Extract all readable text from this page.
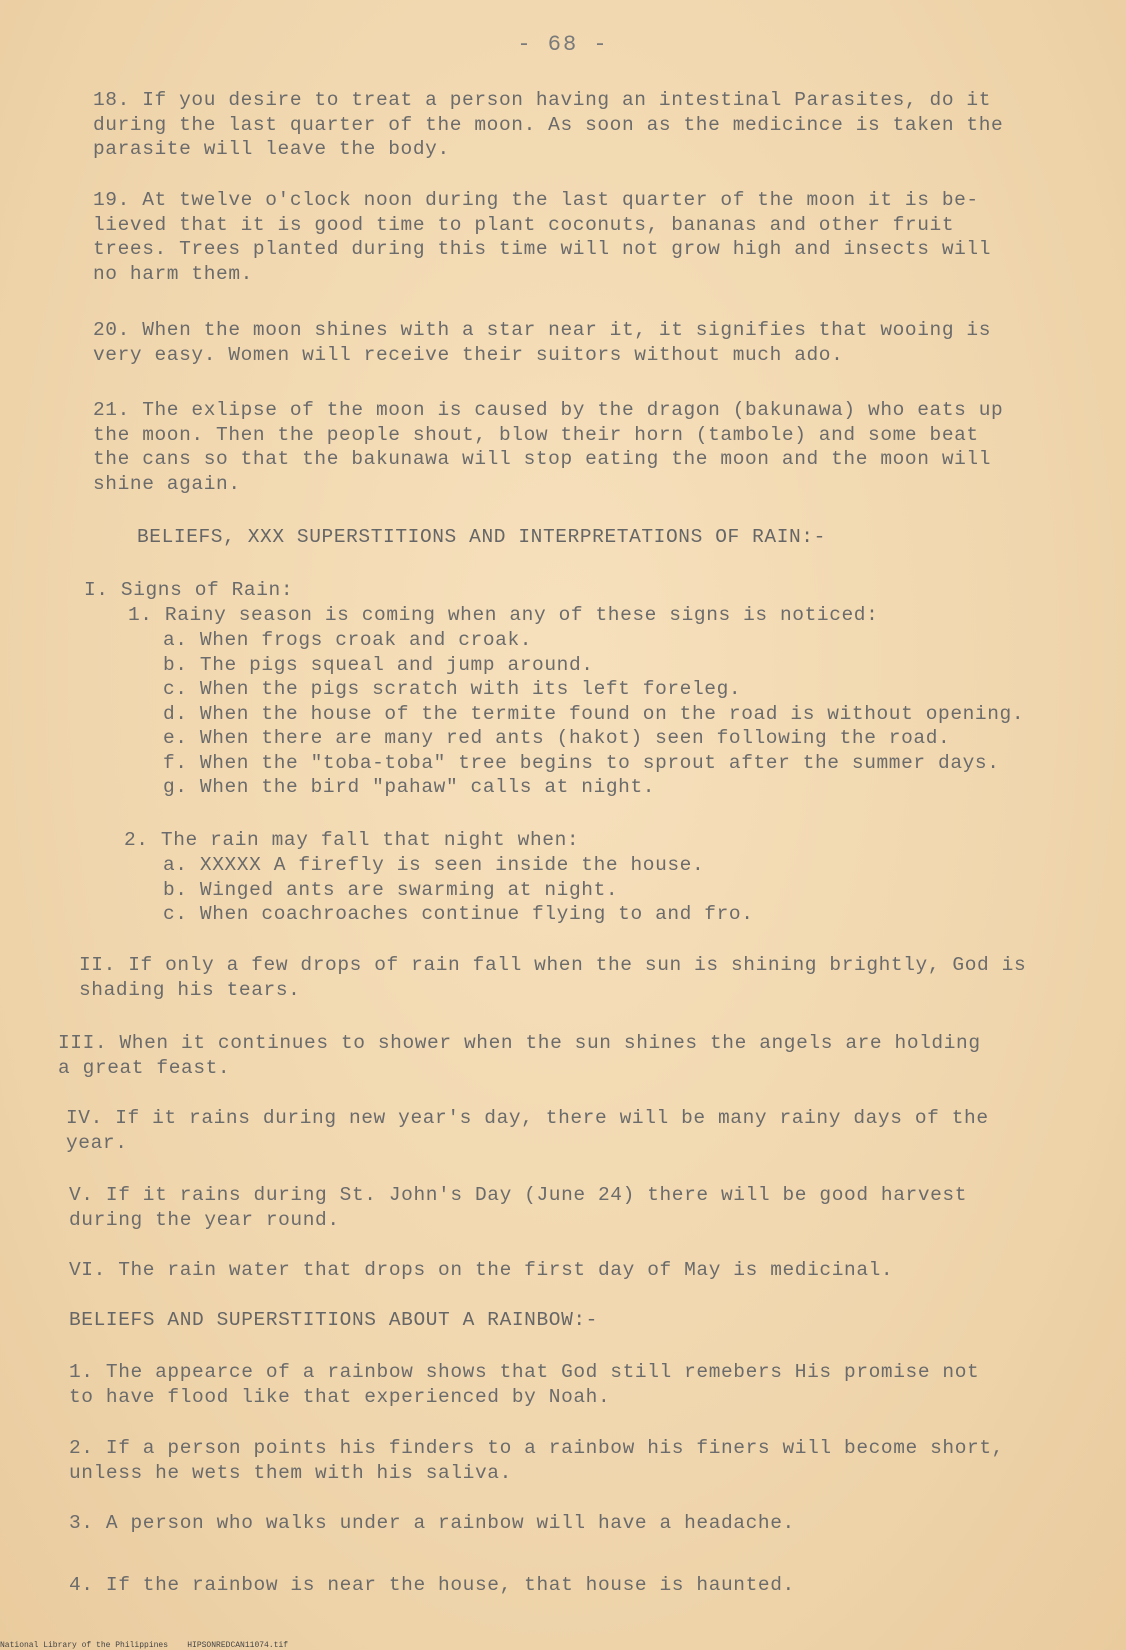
- 68 -
18. If you desire to treat a person having an intestinal Parasites, do it
during the last quarter of the moon. As soon as the medicince is taken the
parasite will leave the body.
19. At twelve o'clock noon during the last quarter of the moon it is be-
lieved that it is good time to plant coconuts, bananas and other fruit
trees. Trees planted during this time will not grow high and insects will
no harm them.
20. When the moon shines with a star near it, it signifies that wooing is
very easy. Women will receive their suitors without much ado.
21. The exlipse of the moon is caused by the dragon (bakunawa) who eats up
the moon. Then the people shout, blow their horn (tambole) and some beat
the cans so that the bakunawa will stop eating the moon and the moon will
shine again.
BELIEFS, XXX SUPERSTITIONS AND INTERPRETATIONS OF RAIN:-
I. Signs of Rain:
1. Rainy season is coming when any of these signs is noticed:
a. When frogs croak and croak.
b. The pigs squeal and jump around.
c. When the pigs scratch with its left foreleg.
d. When the house of the termite found on the road is without opening.
e. When there are many red ants (hakot) seen following the road.
f. When the "toba-toba" tree begins to sprout after the summer days.
g. When the bird "pahaw" calls at night.
2. The rain may fall that night when:
a. XXXXX A firefly is seen inside the house.
b. Winged ants are swarming at night.
c. When coachroaches continue flying to and fro.
II. If only a few drops of rain fall when the sun is shining brightly, God is
shading his tears.
III. When it continues to shower when the sun shines the angels are holding
a great feast.
IV. If it rains during new year's day, there will be many rainy days of the
year.
V. If it rains during St. John's Day (June 24) there will be good harvest
during the year round.
VI. The rain water that drops on the first day of May is medicinal.
BELIEFS AND SUPERSTITIONS ABOUT A RAINBOW:-
1. The appearce of a rainbow shows that God still remebers His promise not
to have flood like that experienced by Noah.
2. If a person points his finders to a rainbow his finers will become short,
unless he wets them with his saliva.
3. A person who walks under a rainbow will have a headache.
4. If the rainbow is near the house, that house is haunted.
National Library of the Philippines    HIPSONREDCAN11074.tif
